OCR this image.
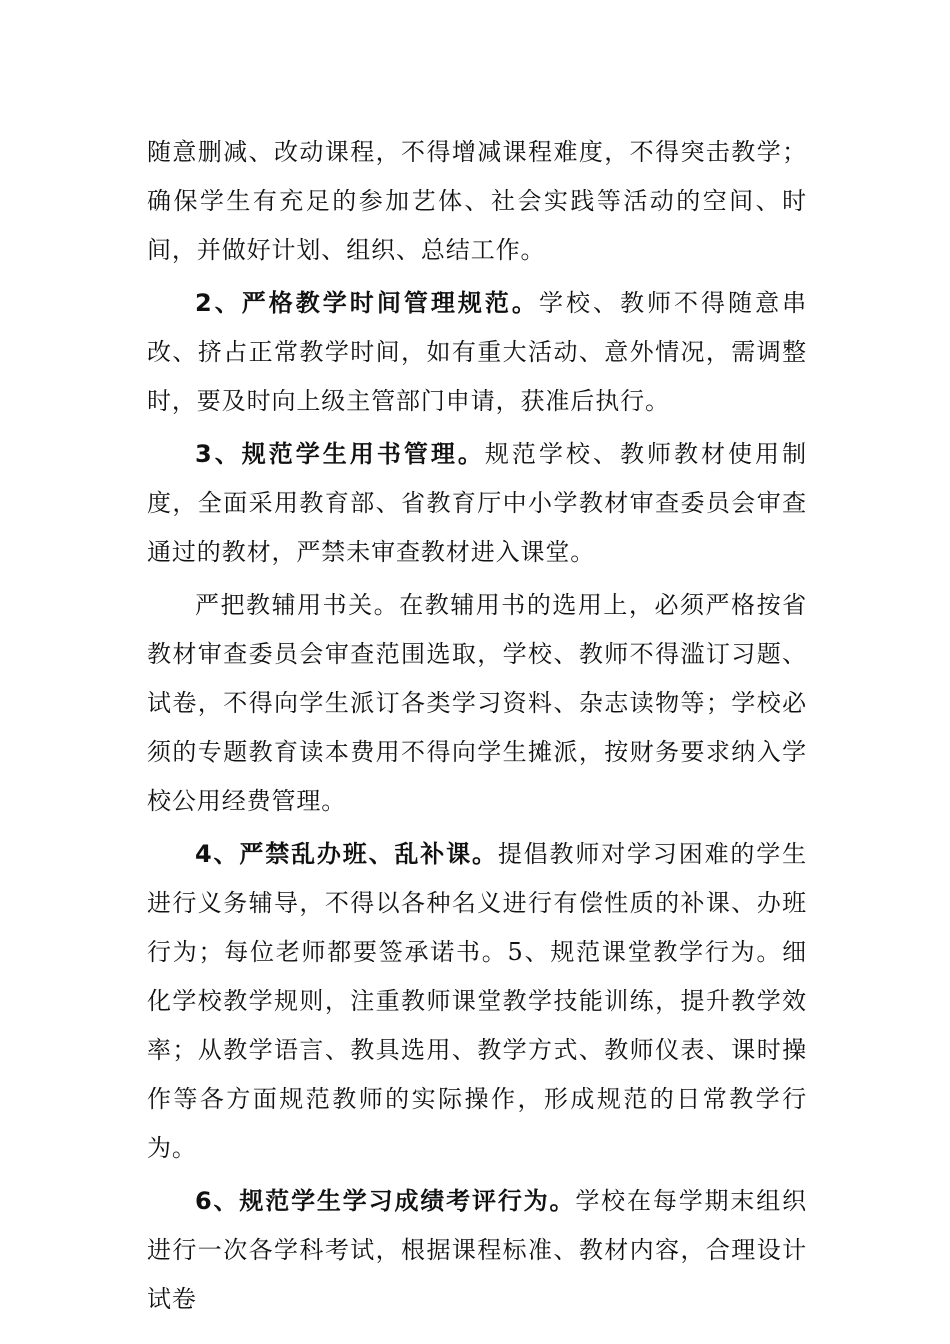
随意删减、改动课程，不得增减课程难度，不得突击教学；确保学生有充足的参加艺体、社会实践等活动的空间、时间，并做好计划、组织、总结工作。

2、严格教学时间管理规范。学校、教师不得随意串改、挤占正常教学时间，如有重大活动、意外情况，需调整时，要及时向上级主管部门申请，获准后执行。

3、规范学生用书管理。规范学校、教师教材使用制度，全面采用教育部、省教育厅中小学教材审查委员会审查通过的教材，严禁未审查教材进入课堂。

严把教辅用书关。在教辅用书的选用上，必须严格按省教材审查委员会审查范围选取，学校、教师不得滥订习题、试卷，不得向学生派订各类学习资料、杂志读物等；学校必须的专题教育读本费用不得向学生摊派，按财务要求纳入学校公用经费管理。

4、严禁乱办班、乱补课。提倡教师对学习困难的学生进行义务辅导，不得以各种名义进行有偿性质的补课、办班行为；每位老师都要签承诺书。5、规范课堂教学行为。细化学校教学规则，注重教师课堂教学技能训练，提升教学效率；从教学语言、教具选用、教学方式、教师仪表、课时操作等各方面规范教师的实际操作，形成规范的日常教学行为。

6、规范学生学习成绩考评行为。学校在每学期末组织进行一次各学科考试，根据课程标准、教材内容，合理设计试卷
